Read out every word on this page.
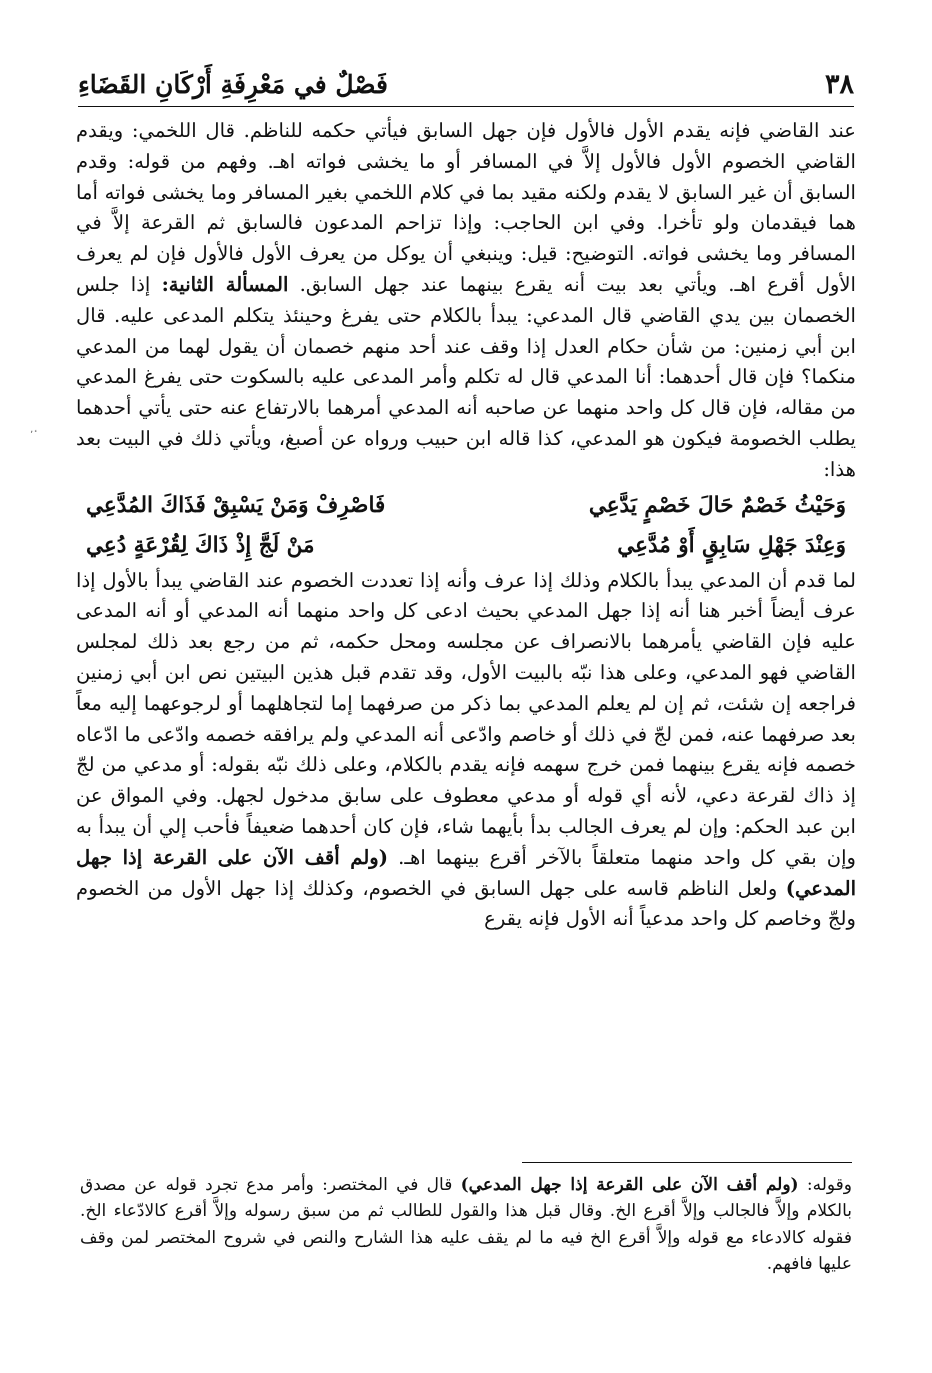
فَصْلٌ في مَعْرِفَةِ أَرْكَانِ القَضَاءِ	٣٨
٬ ٔ

عند القاضي فإنه يقدم الأول فالأول فإن جهل السابق فيأتي حكمه للناظم. قال اللخمي: ويقدم القاضي الخصوم الأول فالأول إلاَّ في المسافر أو ما يخشى فواته اهـ. وفهم من قوله: وقدم السابق أن غير السابق لا يقدم ولكنه مقيد بما في كلام اللخمي بغير المسافر وما يخشى فواته أما هما فيقدمان ولو تأخرا. وفي ابن الحاجب: وإذا تزاحم المدعون فالسابق ثم القرعة إلاَّ في المسافر وما يخشى فواته. التوضيح: قيل: وينبغي أن يوكل من يعرف الأول فالأول فإن لم يعرف الأول أقرع اهـ. ويأتي بعد بيت أنه يقرع بينهما عند جهل السابق. المسألة الثانية: إذا جلس الخصمان بين يدي القاضي قال المدعي: يبدأ بالكلام حتى يفرغ وحينئذ يتكلم المدعى عليه. قال ابن أبي زمنين: من شأن حكام العدل إذا وقف عند أحد منهم خصمان أن يقول لهما من المدعي منكما؟ فإن قال أحدهما: أنا المدعي قال له تكلم وأمر المدعى عليه بالسكوت حتى يفرغ المدعي من مقاله، فإن قال كل واحد منهما عن صاحبه أنه المدعي أمرهما بالارتفاع عنه حتى يأتي أحدهما يطلب الخصومة فيكون هو المدعي، كذا قاله ابن حبيب ورواه عن أصبغ، ويأتي ذلك في البيت بعد هذا:

وَحَيْثُ خَصْمٌ حَالَ خَصْمٍ يَدَّعِي
فَاصْرِفْ وَمَنْ يَسْبِقْ فَذَاكَ المُدَّعِي
وَعِنْدَ جَهْلِ سَابِقٍ أَوْ مُدَّعِي
مَنْ لَجَّ إِذْ ذَاكَ لِقُرْعَةٍ دُعِي

لما قدم أن المدعي يبدأ بالكلام وذلك إذا عرف وأنه إذا تعددت الخصوم عند القاضي يبدأ بالأول إذا عرف أيضاً أخبر هنا أنه إذا جهل المدعي بحيث ادعى كل واحد منهما أنه المدعي أو أنه المدعى عليه فإن القاضي يأمرهما بالانصراف عن مجلسه ومحل حكمه، ثم من رجع بعد ذلك لمجلس القاضي فهو المدعي، وعلى هذا نبّه بالبيت الأول، وقد تقدم قبل هذين البيتين نص ابن أبي زمنين فراجعه إن شئت، ثم إن لم يعلم المدعي بما ذكر من صرفهما إما لتجاهلهما أو لرجوعهما إليه معاً بعد صرفهما عنه، فمن لجّ في ذلك أو خاصم وادّعى أنه المدعي ولم يرافقه خصمه وادّعى ما ادّعاه خصمه فإنه يقرع بينهما فمن خرج سهمه فإنه يقدم بالكلام، وعلى ذلك نبّه بقوله: أو مدعي من لجّ إذ ذاك لقرعة دعي، لأنه أي قوله أو مدعي معطوف على سابق مدخول لجهل. وفي المواق عن ابن عبد الحكم: وإن لم يعرف الجالب بدأ بأيهما شاء، فإن كان أحدهما ضعيفاً فأحب إلي أن يبدأ به وإن بقي كل واحد منهما متعلقاً بالآخر أقرع بينهما اهـ. (ولم أقف الآن على القرعة إذا جهل المدعي) ولعل الناظم قاسه على جهل السابق في الخصوم، وكذلك إذا جهل الأول من الخصوم ولجّ وخاصم كل واحد مدعياً أنه الأول فإنه يقرع

وقوله: (ولم أقف الآن على القرعة إذا جهل المدعي) قال في المختصر: وأمر مدع تجرد قوله عن مصدق بالكلام وإلاَّ فالجالب وإلاَّ أقرع الخ. وقال قبل هذا والقول للطالب ثم من سبق رسوله وإلاَّ أقرع كالادّعاء الخ. فقوله كالادعاء مع قوله وإلاَّ أقرع الخ فيه ما لم يقف عليه هذا الشارح والنص في شروح المختصر لمن وقف عليها فافهم.
